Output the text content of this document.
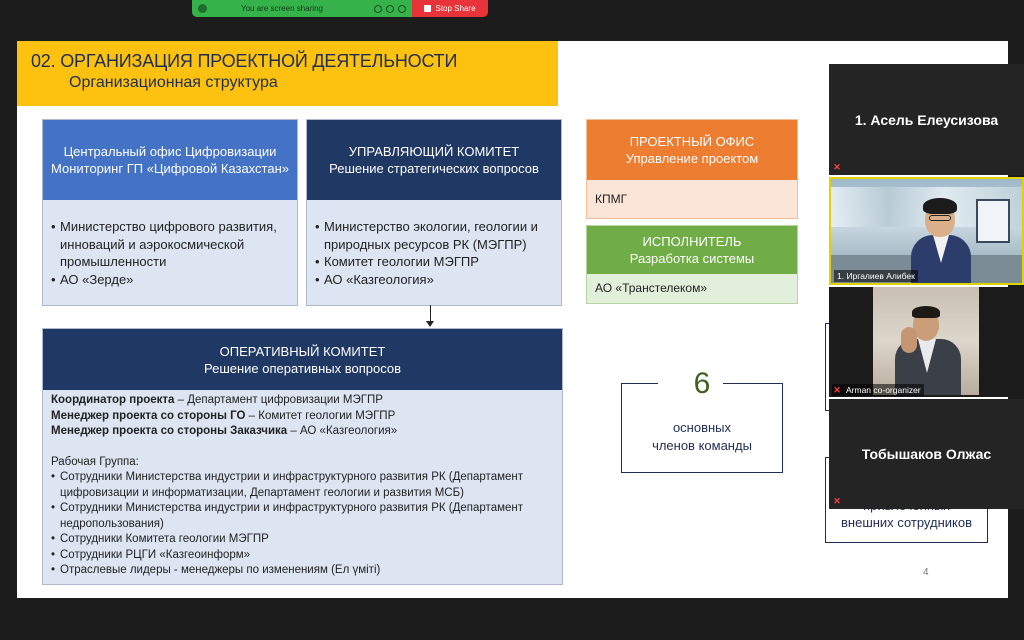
You are screen sharing	Stop Share
02. ОРГАНИЗАЦИЯ ПРОЕКТНОЙ ДЕЯТЕЛЬНОСТИ
Организационная структура
Центральный офис Цифровизации Мониторинг ГП «Цифровой Казахстан»
• Министерство цифрового развития, инноваций и аэрокосмической промышленности
• АО «Зерде»
УПРАВЛЯЮЩИЙ КОМИТЕТ
Решение стратегических вопросов
• Министерство экологии, геологии и природных ресурсов РК (МЭГПР)
• Комитет геологии МЭГПР
• АО «Казгеология»
ПРОЕКТНЫЙ ОФИС
Управление проектом
КПМГ
ИСПОЛНИТЕЛЬ
Разработка системы
АО «Транстелеком»
ОПЕРАТИВНЫЙ КОМИТЕТ
Решение оперативных вопросов
Координатор проекта – Департамент цифровизации МЭГПР
Менеджер проекта со стороны ГО – Комитет геологии МЭГПР
Менеджер проекта со стороны Заказчика – АО «Казгеология»
Рабочая Группа:
• Сотрудники Министерства индустрии и инфраструктурного развития РК (Департамент цифровизации и информатизации, Департамент геологии и развития МСБ)
• Сотрудники Министерства индустрии и инфраструктурного развития РК (Департамент недропользования)
• Сотрудники Комитета геологии МЭГПР
• Сотрудники РЦГИ «Казгеоинформ»
• Отраслевые лидеры - менеджеры по изменениям (Ел үміті)
6
основных
членов команды
внешних сотрудников
4
1. Асель Елеусизова
✕
1. Иргалиев Алибек
Arman co-organizer
✕
Тобышаков Олжас
✕
